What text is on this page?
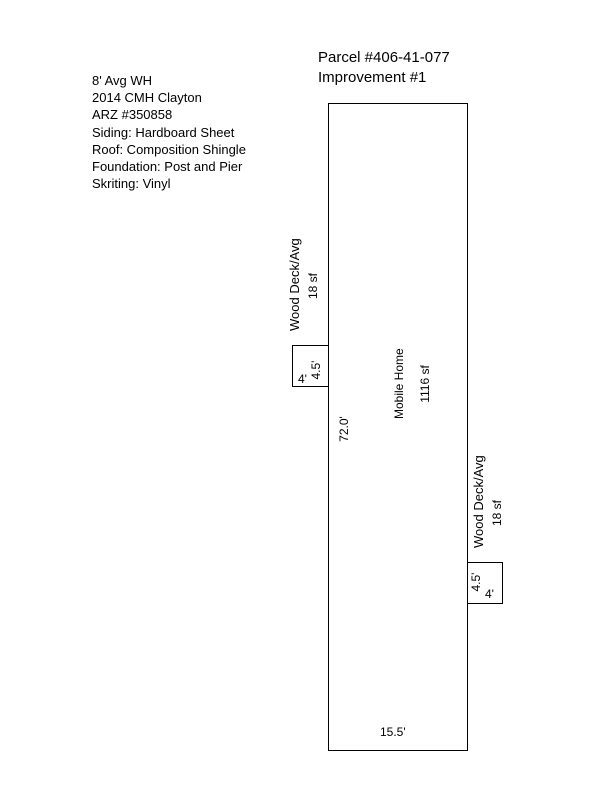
Parcel #406-41-077
Improvement #1
8' Avg WH
2014 CMH Clayton
ARZ #350858
Siding: Hardboard Sheet
Roof: Composition Shingle
Foundation: Post and Pier
Skriting: Vinyl
Mobile Home 1116 sf
72.0'
15.5'
Wood Deck/Avg 18 sf
4' 4.5'
Wood Deck/Avg 18 sf
4.5'
4'
